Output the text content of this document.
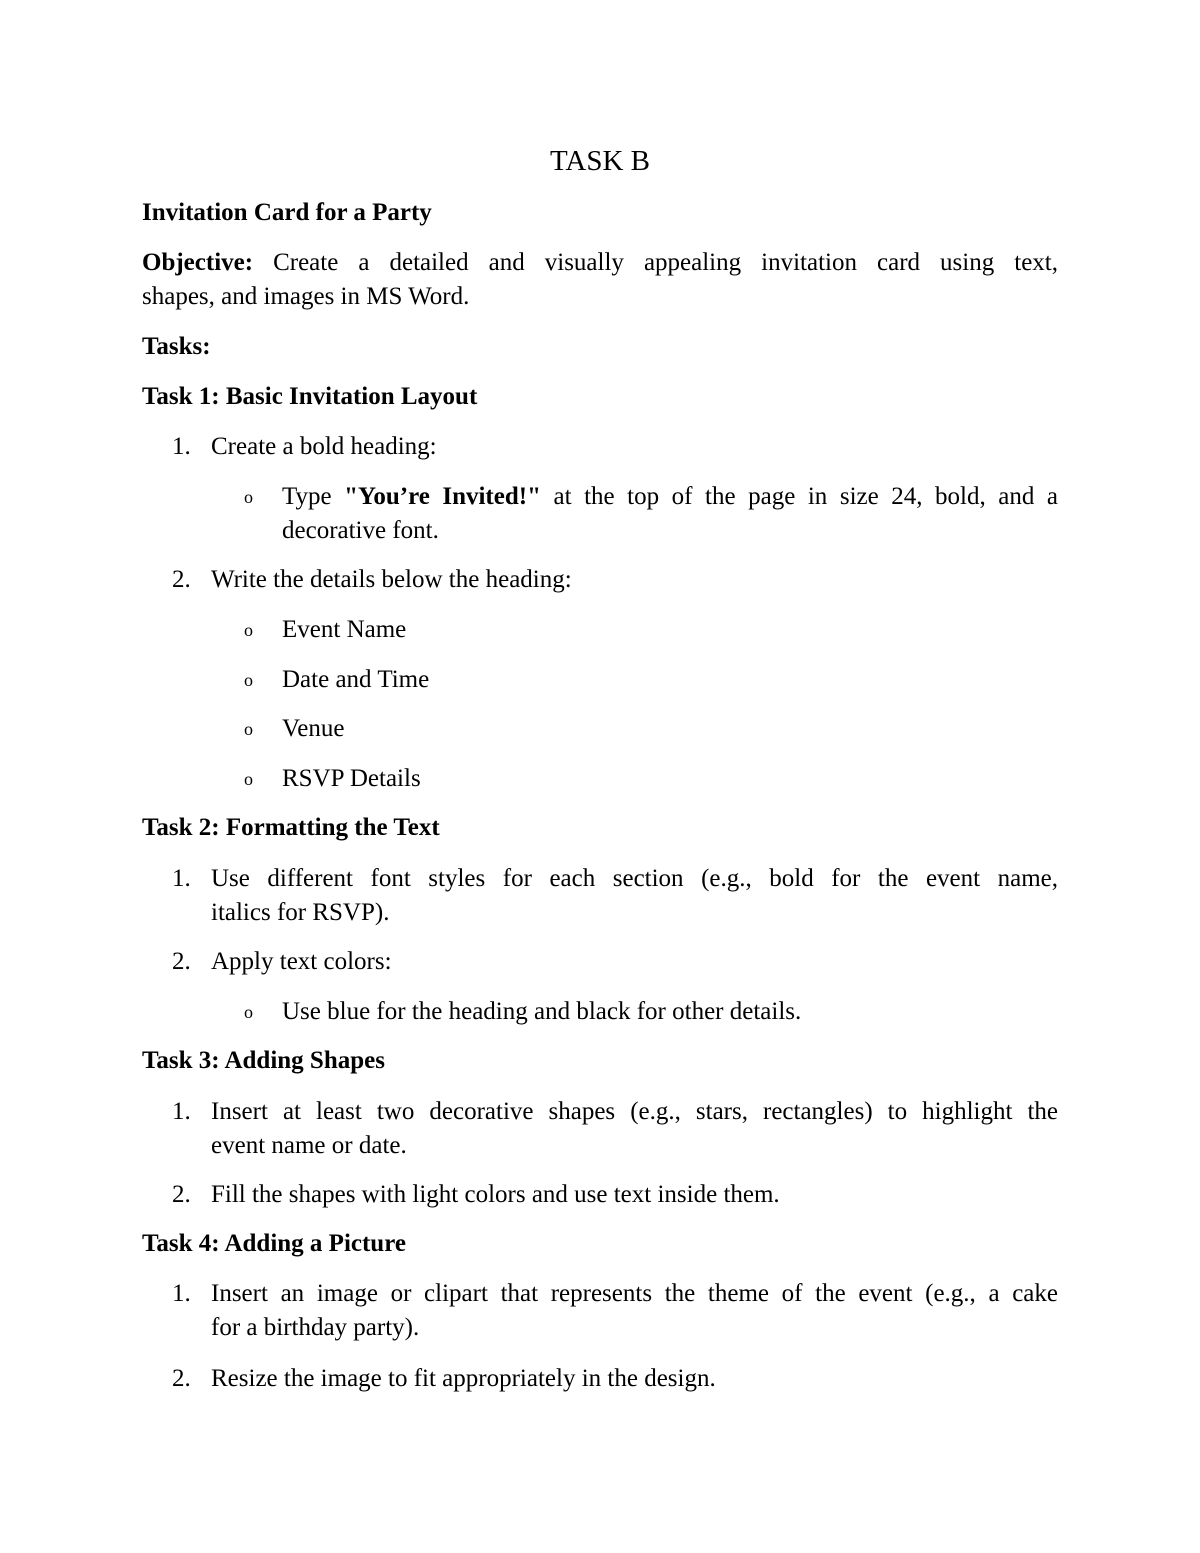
TASK B
Invitation Card for a Party
Objective: Create a detailed and visually appealing invitation card using text,
shapes, and images in MS Word.
Tasks:
Task 1: Basic Invitation Layout
1. Create a bold heading:
o	Type "You’re Invited!" at the top of the page in size 24, bold, and a
decorative font.
2. Write the details below the heading:
o	Event Name
o	Date and Time
o	Venue
o	RSVP Details
Task 2: Formatting the Text
1. Use different font styles for each section (e.g., bold for the event name,
italics for RSVP).
2. Apply text colors:
o	Use blue for the heading and black for other details.
Task 3: Adding Shapes
1. Insert at least two decorative shapes (e.g., stars, rectangles) to highlight the
event name or date.
2. Fill the shapes with light colors and use text inside them.
Task 4: Adding a Picture
1. Insert an image or clipart that represents the theme of the event (e.g., a cake
for a birthday party).
2. Resize the image to fit appropriately in the design.
